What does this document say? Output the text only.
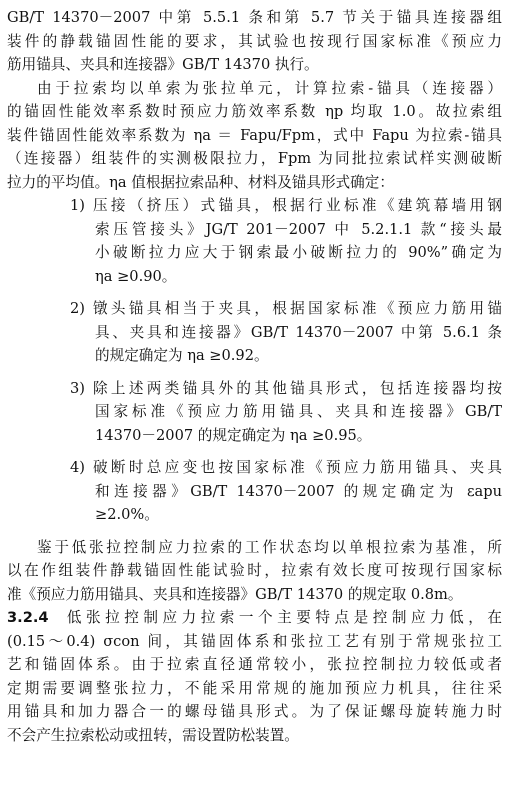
GB/T 14370－2007 中第 5.5.1 条和第 5.7 节关于锚具连接器组
装件的静载锚固性能的要求，其试验也按现行国家标准《预应力
筋用锚具、夹具和连接器》GB/T 14370 执行。
由于拉索均以单索为张拉单元，计算拉索-锚具（连接器）
的锚固性能效率系数时预应力筋效率系数 ηp 均取 1.0。故拉索组
装件锚固性能效率系数为 ηa ＝ Fapu/Fpm，式中 Fapu 为拉索-锚具
（连接器）组装件的实测极限拉力，Fpm 为同批拉索试样实测破断
拉力的平均值。ηa 值根据拉索品种、材料及锚具形式确定：
1) 压接（挤压）式锚具，根据行业标准《建筑幕墙用钢
索压管接头》JG/T 201－2007 中 5.2.1.1 款“接头最
小破断拉力应大于钢索最小破断拉力的 90%”确定为
ηa ≥0.90。
2) 镦头锚具相当于夹具，根据国家标准《预应力筋用锚
具、夹具和连接器》GB/T 14370－2007 中第 5.6.1 条
的规定确定为 ηa ≥0.92。
3) 除上述两类锚具外的其他锚具形式，包括连接器均按
国家标准《预应力筋用锚具、夹具和连接器》GB/T
14370－2007 的规定确定为 ηa ≥0.95。
4) 破断时总应变也按国家标准《预应力筋用锚具、夹具
和连接器》GB/T 14370－2007 的规定确定为 εapu
≥2.0%。
鉴于低张拉控制应力拉索的工作状态均以单根拉索为基准，所
以在作组装件静载锚固性能试验时，拉索有效长度可按现行国家标
准《预应力筋用锚具、夹具和连接器》GB/T 14370 的规定取 0.8m。
3.2.4 低张拉控制应力拉索一个主要特点是控制应力低，在
(0.15～0.4) σcon 间，其锚固体系和张拉工艺有别于常规张拉工
艺和锚固体系。由于拉索直径通常较小，张拉控制拉力较低或者
定期需要调整张拉力，不能采用常规的施加预应力机具，往往采
用锚具和加力器合一的螺母锚具形式。为了保证螺母旋转施力时
不会产生拉索松动或扭转，需设置防松装置。
